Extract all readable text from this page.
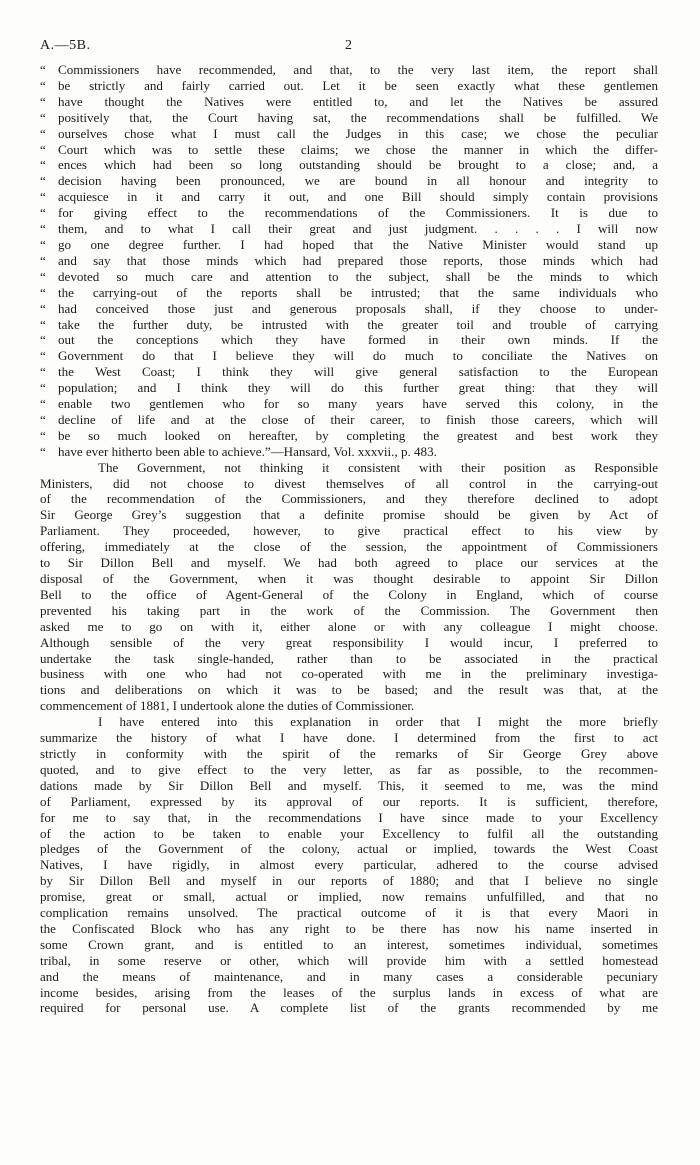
A.—5B.	2
“ Commissioners have recommended, and that, to the very last item, the report shall
“ be strictly and fairly carried out. Let it be seen exactly what these gentlemen
“ have thought the Natives were entitled to, and let the Natives be assured
“ positively that, the Court having sat, the recommendations shall be fulfilled. We
“ ourselves chose what I must call the Judges in this case; we chose the peculiar
“ Court which was to settle these claims; we chose the manner in which the differ-
“ ences which had been so long outstanding should be brought to a close; and, a
“ decision having been pronounced, we are bound in all honour and integrity to
“ acquiesce in it and carry it out, and one Bill should simply contain provisions
“ for giving effect to the recommendations of the Commissioners. It is due to
“ them, and to what I call their great and just judgment. . . . . I will now
“ go one degree further. I had hoped that the Native Minister would stand up
“ and say that those minds which had prepared those reports, those minds which had
“ devoted so much care and attention to the subject, shall be the minds to which
“ the carrying-out of the reports shall be intrusted; that the same individuals who
“ had conceived those just and generous proposals shall, if they choose to under-
“ take the further duty, be intrusted with the greater toil and trouble of carrying
“ out the conceptions which they have formed in their own minds. If the
“ Government do that I believe they will do much to conciliate the Natives on
“ the West Coast; I think they will give general satisfaction to the European
“ population; and I think they will do this further great thing: that they will
“ enable two gentlemen who for so many years have served this colony, in the
“ decline of life and at the close of their career, to finish those careers, which will
“ be so much looked on hereafter, by completing the greatest and best work they
“ have ever hitherto been able to achieve.”—Hansard, Vol. xxxvii., p. 483.
The Government, not thinking it consistent with their position as Responsible
Ministers, did not choose to divest themselves of all control in the carrying-out
of the recommendation of the Commissioners, and they therefore declined to adopt
Sir George Grey’s suggestion that a definite promise should be given by Act of
Parliament. They proceeded, however, to give practical effect to his view by
offering, immediately at the close of the session, the appointment of Commissioners
to Sir Dillon Bell and myself. We had both agreed to place our services at the
disposal of the Government, when it was thought desirable to appoint Sir Dillon
Bell to the office of Agent-General of the Colony in England, which of course
prevented his taking part in the work of the Commission. The Government then
asked me to go on with it, either alone or with any colleague I might choose.
Although sensible of the very great responsibility I would incur, I preferred to
undertake the task single-handed, rather than to be associated in the practical
business with one who had not co-operated with me in the preliminary investiga-
tions and deliberations on which it was to be based; and the result was that, at the
commencement of 1881, I undertook alone the duties of Commissioner.
I have entered into this explanation in order that I might the more briefly
summarize the history of what I have done. I determined from the first to act
strictly in conformity with the spirit of the remarks of Sir George Grey above
quoted, and to give effect to the very letter, as far as possible, to the recommen-
dations made by Sir Dillon Bell and myself. This, it seemed to me, was the mind
of Parliament, expressed by its approval of our reports. It is sufficient, therefore,
for me to say that, in the recommendations I have since made to your Excellency
of the action to be taken to enable your Excellency to fulfil all the outstanding
pledges of the Government of the colony, actual or implied, towards the West Coast
Natives, I have rigidly, in almost every particular, adhered to the course advised
by Sir Dillon Bell and myself in our reports of 1880; and that I believe no single
promise, great or small, actual or implied, now remains unfulfilled, and that no
complication remains unsolved. The practical outcome of it is that every Maori in
the Confiscated Block who has any right to be there has now his name inserted in
some Crown grant, and is entitled to an interest, sometimes individual, sometimes
tribal, in some reserve or other, which will provide him with a settled homestead
and the means of maintenance, and in many cases a considerable pecuniary
income besides, arising from the leases of the surplus lands in excess of what are
required for personal use. A complete list of the grants recommended by me
